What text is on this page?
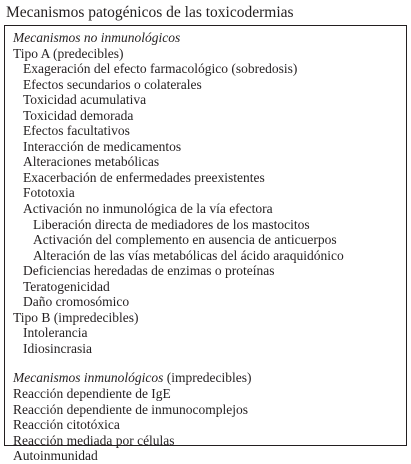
Mecanismos patogénicos de las toxicodermias
Mecanismos no inmunológicos
Tipo A (predecibles)
Exageración del efecto farmacológico (sobredosis)
Efectos secundarios o colaterales
Toxicidad acumulativa
Toxicidad demorada
Efectos facultativos
Interacción de medicamentos
Alteraciones metabólicas
Exacerbación de enfermedades preexistentes
Fototoxia
Activación no inmunológica de la vía efectora
Liberación directa de mediadores de los mastocitos
Activación del complemento en ausencia de anticuerpos
Alteración de las vías metabólicas del ácido araquidónico
Deficiencias heredadas de enzimas o proteínas
Teratogenicidad
Daño cromosómico
Tipo B (impredecibles)
Intolerancia
Idiosincrasia
Mecanismos inmunológicos (impredecibles)
Reacción dependiente de IgE
Reacción dependiente de inmunocomplejos
Reacción citotóxica
Reacción mediada por células
Autoinmunidad
